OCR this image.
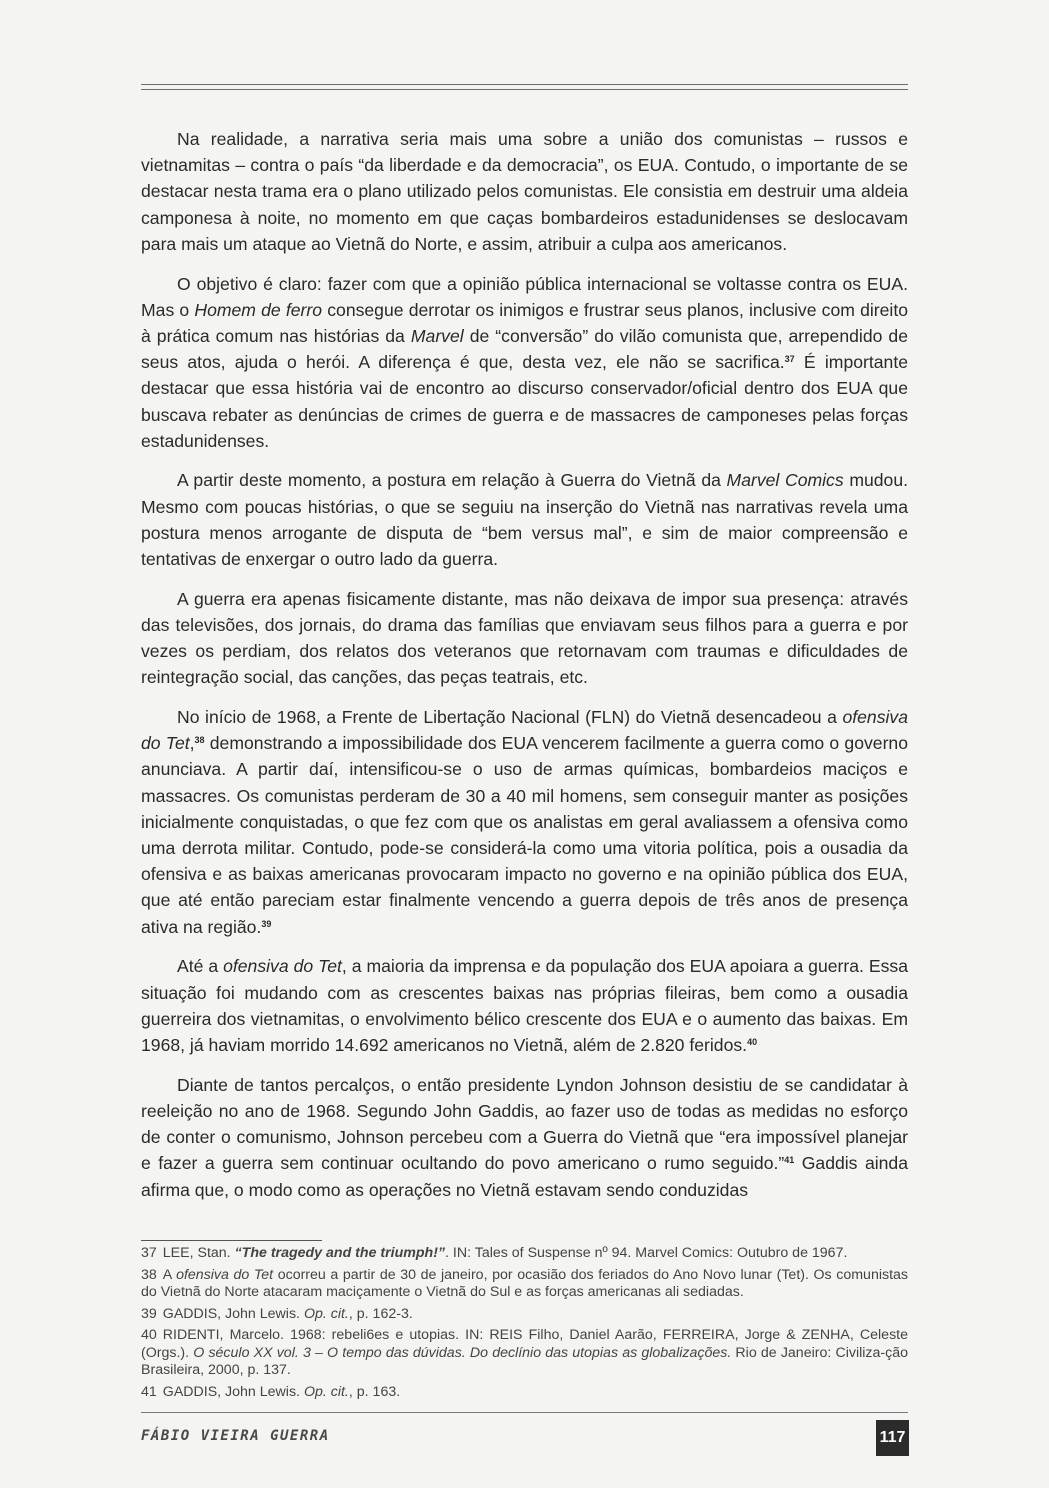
Na realidade, a narrativa seria mais uma sobre a união dos comunistas – russos e vietnamitas – contra o país “da liberdade e da democracia”, os EUA. Contudo, o importante de se destacar nesta trama era o plano utilizado pelos comunistas. Ele consistia em destruir uma aldeia camponesa à noite, no momento em que caças bombardeiros estadunidenses se deslocavam para mais um ataque ao Vietnã do Norte, e assim, atribuir a culpa aos americanos.

O objetivo é claro: fazer com que a opinião pública internacional se voltasse contra os EUA. Mas o Homem de ferro consegue derrotar os inimigos e frustrar seus planos, inclusive com direito à prática comum nas histórias da Marvel de “conversão” do vilão comunista que, arrependido de seus atos, ajuda o herói. A diferença é que, desta vez, ele não se sacrifica.$^{37}$ É importante destacar que essa história vai de encontro ao discurso conservador/oficial dentro dos EUA que buscava rebater as denúncias de crimes de guerra e de massacres de camponeses pelas forças estadunidenses.

A partir deste momento, a postura em relação à Guerra do Vietnã da Marvel Comics mudou. Mesmo com poucas histórias, o que se seguiu na inserção do Vietnã nas narrativas revela uma postura menos arrogante de disputa de “bem versus mal”, e sim de maior compreensão e tentativas de enxergar o outro lado da guerra.

A guerra era apenas fisicamente distante, mas não deixava de impor sua presença: através das televisões, dos jornais, do drama das famílias que enviavam seus filhos para a guerra e por vezes os perdiam, dos relatos dos veteranos que retornavam com traumas e dificuldades de reintegração social, das canções, das peças teatrais, etc.

No início de 1968, a Frente de Libertação Nacional (FLN) do Vietnã desencadeou a ofensiva do Tet,$^{38}$ demonstrando a impossibilidade dos EUA vencerem facilmente a guerra como o governo anunciava. A partir daí, intensificou-se o uso de armas químicas, bombardeios maciços e massacres. Os comunistas perderam de 30 a 40 mil homens, sem conseguir manter as posições inicialmente conquistadas, o que fez com que os analistas em geral avaliassem a ofensiva como uma derrota militar. Contudo, pode-se considerá-la como uma vitoria política, pois a ousadia da ofensiva e as baixas americanas provocaram impacto no governo e na opinião pública dos EUA, que até então pareciam estar finalmente vencendo a guerra depois de três anos de presença ativa na região.$^{39}$

Até a ofensiva do Tet, a maioria da imprensa e da população dos EUA apoiara a guerra. Essa situação foi mudando com as crescentes baixas nas próprias fileiras, bem como a ousadia guerreira dos vietnamitas, o envolvimento bélico crescente dos EUA e o aumento das baixas. Em 1968, já haviam morrido 14.692 americanos no Vietnã, além de 2.820 feridos.$^{40}$

Diante de tantos percalços, o então presidente Lyndon Johnson desistiu de se candidatar à reeleição no ano de 1968. Segundo John Gaddis, ao fazer uso de todas as medidas no esforço de conter o comunismo, Johnson percebeu com a Guerra do Vietnã que “era impossível planejar e fazer a guerra sem continuar ocultando do povo americano o rumo seguido.”$^{41}$ Gaddis ainda afirma que, o modo como as operações no Vietnã estavam sendo conduzidas

37 LEE, Stan. “The tragedy and the triumph!”. IN: Tales of Suspense nº 94. Marvel Comics: Outubro de 1967.
38 A ofensiva do Tet ocorreu a partir de 30 de janeiro, por ocasião dos feriados do Ano Novo lunar (Tet). Os comunistas do Vietnã do Norte atacaram maciçamente o Vietnã do Sul e as forças americanas ali sediadas.
39 GADDIS, John Lewis. Op. cit., p. 162-3.
40 RIDENTI, Marcelo. 1968: rebeli6es e utopias. IN: REIS Filho, Daniel Aarão, FERREIRA, Jorge & ZENHA, Celeste (Orgs.). O século XX vol. 3 – O tempo das dúvidas. Do declínio das utopias as globalizações. Rio de Janeiro: Civiliza-ção Brasileira, 2000, p. 137.
41 GADDIS, John Lewis. Op. cit., p. 163.
FÁBIO VIEIRA GUERRA	117
